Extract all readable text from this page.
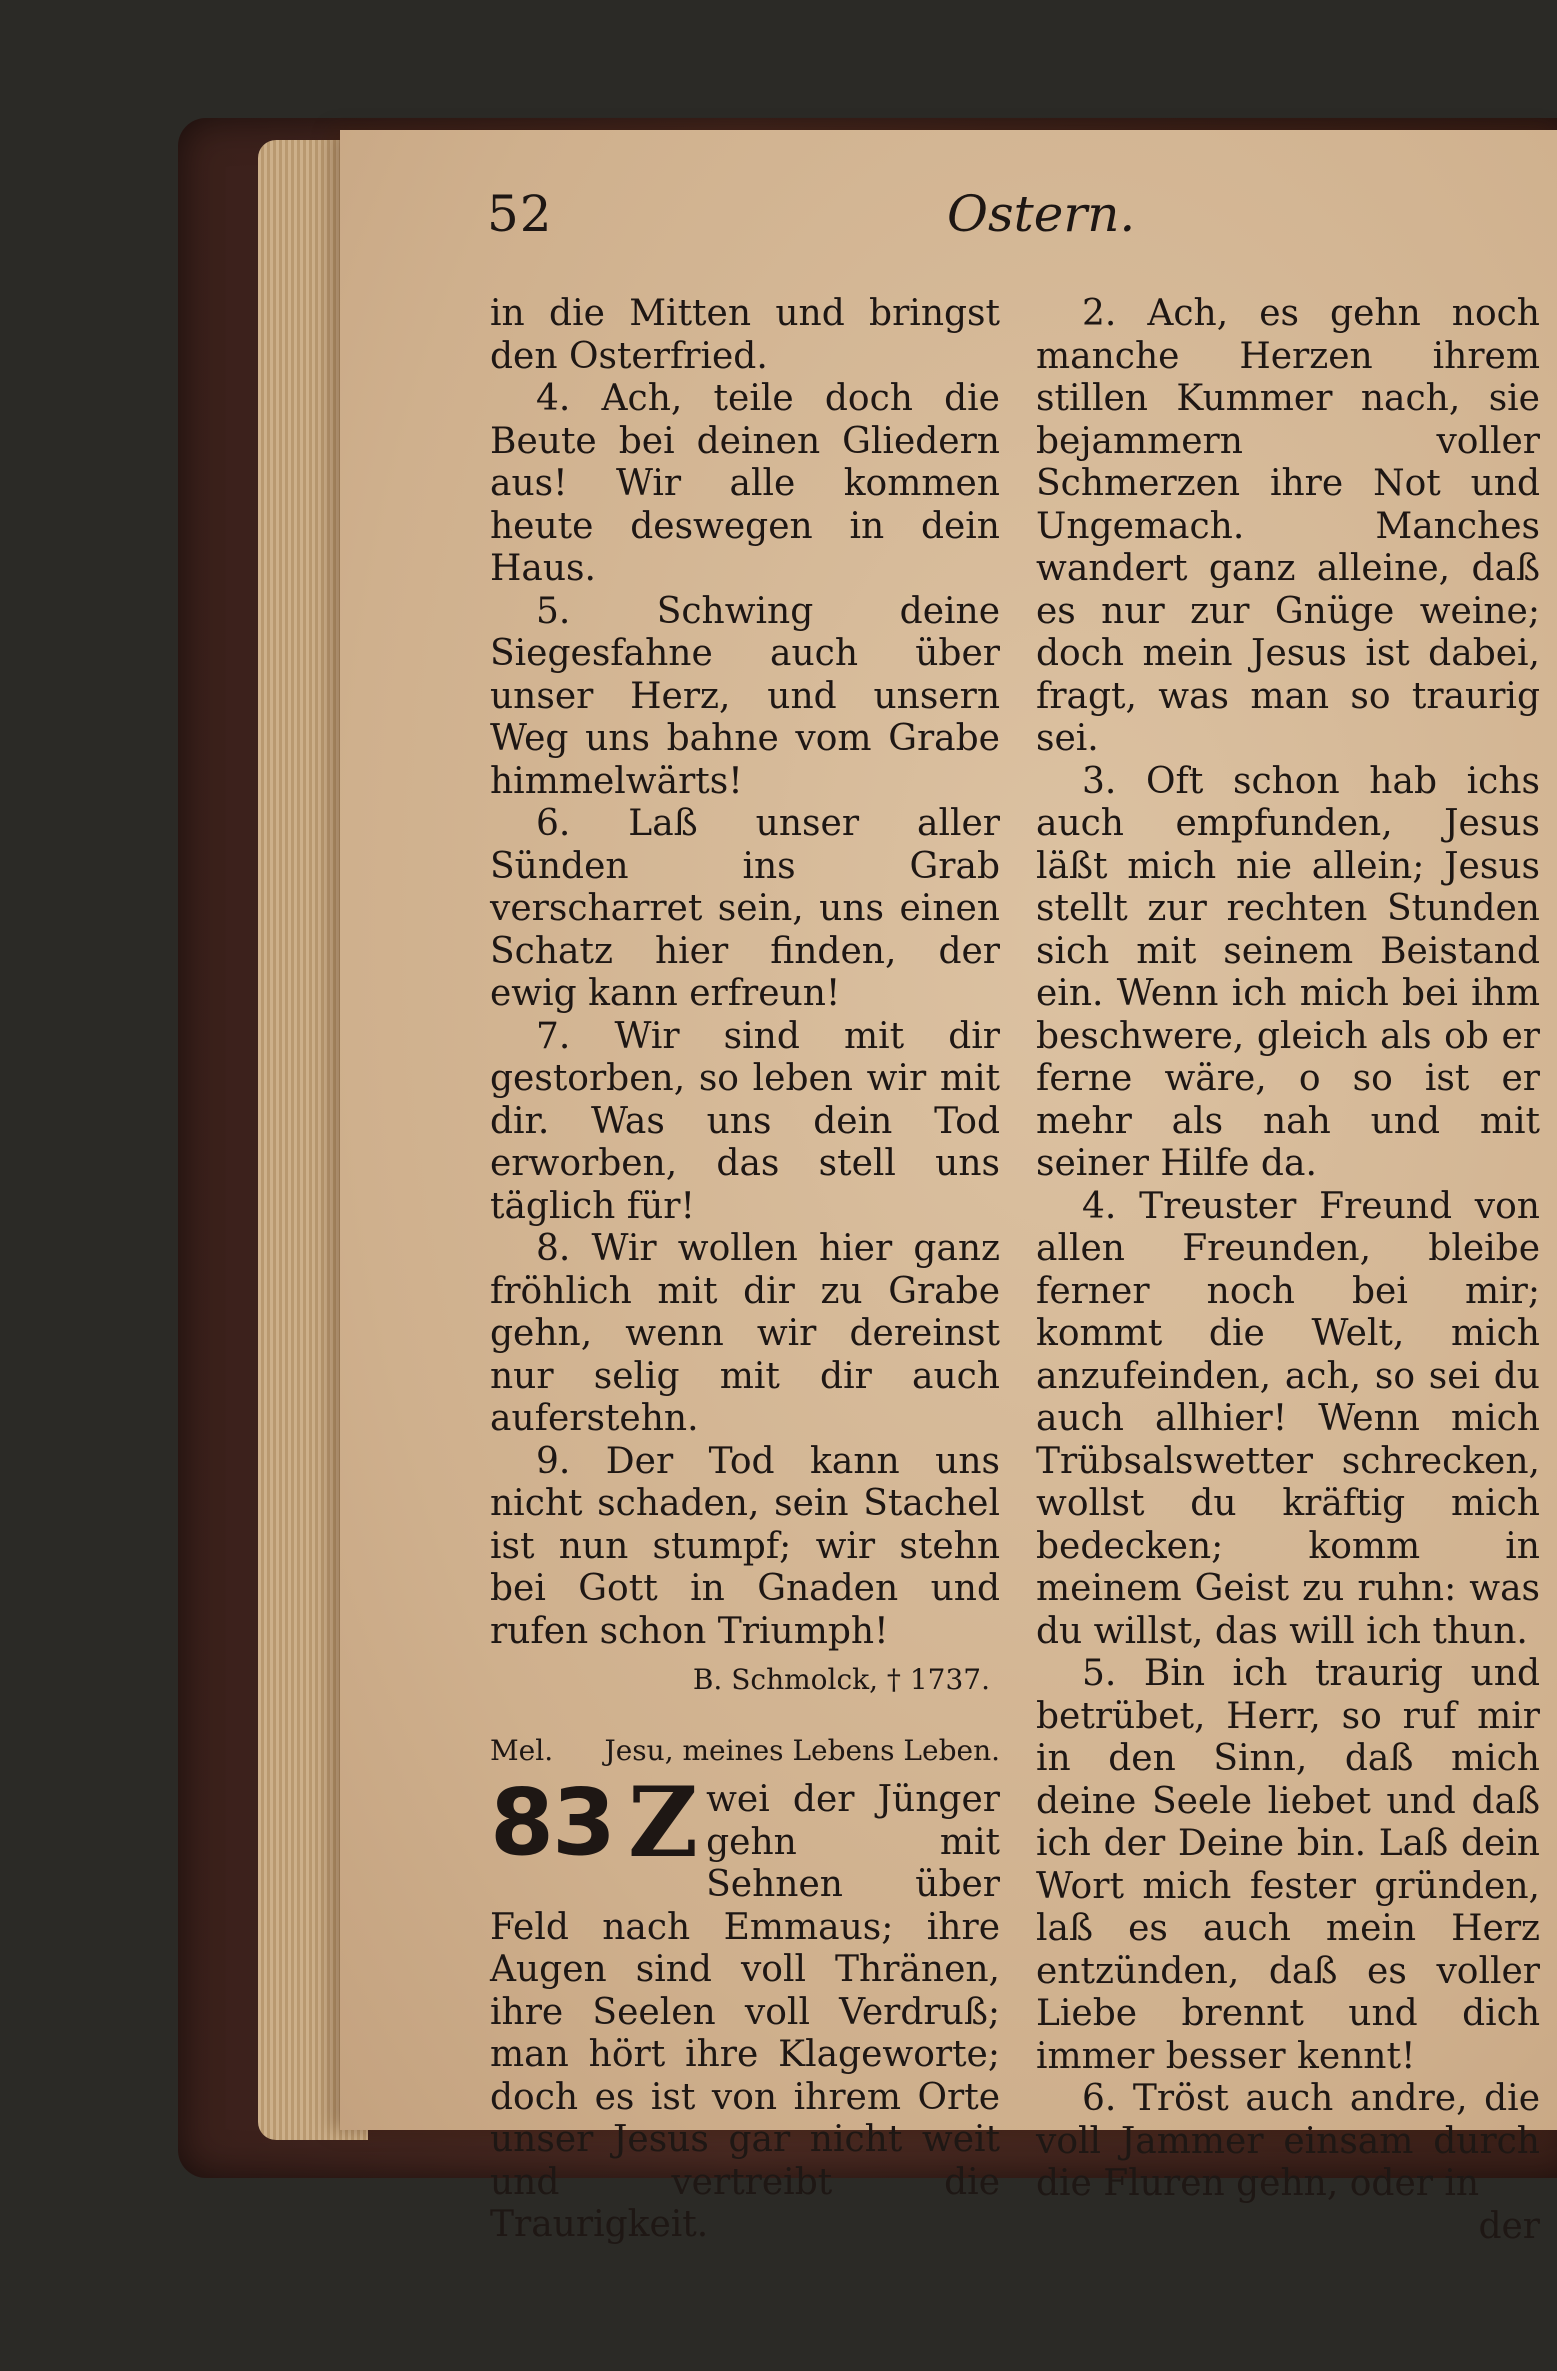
52	Ostern.

in die Mitten und bringst den Osterfried.

4. Ach, teile doch die Beute bei deinen Gliedern aus! Wir alle kommen heute deswegen in dein Haus.

5. Schwing deine Siegesfahne auch über unser Herz, und unsern Weg uns bahne vom Grabe himmelwärts!

6. Laß unser aller Sünden ins Grab verscharret sein, uns einen Schatz hier finden, der ewig kann erfreun!

7. Wir sind mit dir gestorben, so leben wir mit dir. Was uns dein Tod erworben, das stell uns täglich für!

8. Wir wollen hier ganz fröhlich mit dir zu Grabe gehn, wenn wir dereinst nur selig mit dir auch auferstehn.

9. Der Tod kann uns nicht schaden, sein Stachel ist nun stumpf; wir stehn bei Gott in Gnaden und rufen schon Triumph!

B. Schmolck, † 1737.

Mel. Jesu, meines Lebens Leben.

83 Z wei der Jünger gehn mit Sehnen über Feld nach Emmaus; ihre Augen sind voll Thränen, ihre Seelen voll Verdruß; man hört ihre Klageworte; doch es ist von ihrem Orte unser Jesus gar nicht weit und vertreibt die Traurigkeit.

2. Ach, es gehn noch manche Herzen ihrem stillen Kummer nach, sie bejammern voller Schmerzen ihre Not und Ungemach. Manches wandert ganz alleine, daß es nur zur Gnüge weine; doch mein Jesus ist dabei, fragt, was man so traurig sei.

3. Oft schon hab ichs auch empfunden, Jesus läßt mich nie allein; Jesus stellt zur rechten Stunden sich mit seinem Beistand ein. Wenn ich mich bei ihm beschwere, gleich als ob er ferne wäre, o so ist er mehr als nah und mit seiner Hilfe da.

4. Treuster Freund von allen Freunden, bleibe ferner noch bei mir; kommt die Welt, mich anzufeinden, ach, so sei du auch allhier! Wenn mich Trübsalswetter schrecken, wollst du kräftig mich bedecken; komm in meinem Geist zu ruhn: was du willst, das will ich thun.

5. Bin ich traurig und betrübet, Herr, so ruf mir in den Sinn, daß mich deine Seele liebet und daß ich der Deine bin. Laß dein Wort mich fester gründen, laß es auch mein Herz entzünden, daß es voller Liebe brennt und dich immer besser kennt!

6. Tröst auch andre, die voll Jammer einsam durch die Fluren gehn, oder in

der
